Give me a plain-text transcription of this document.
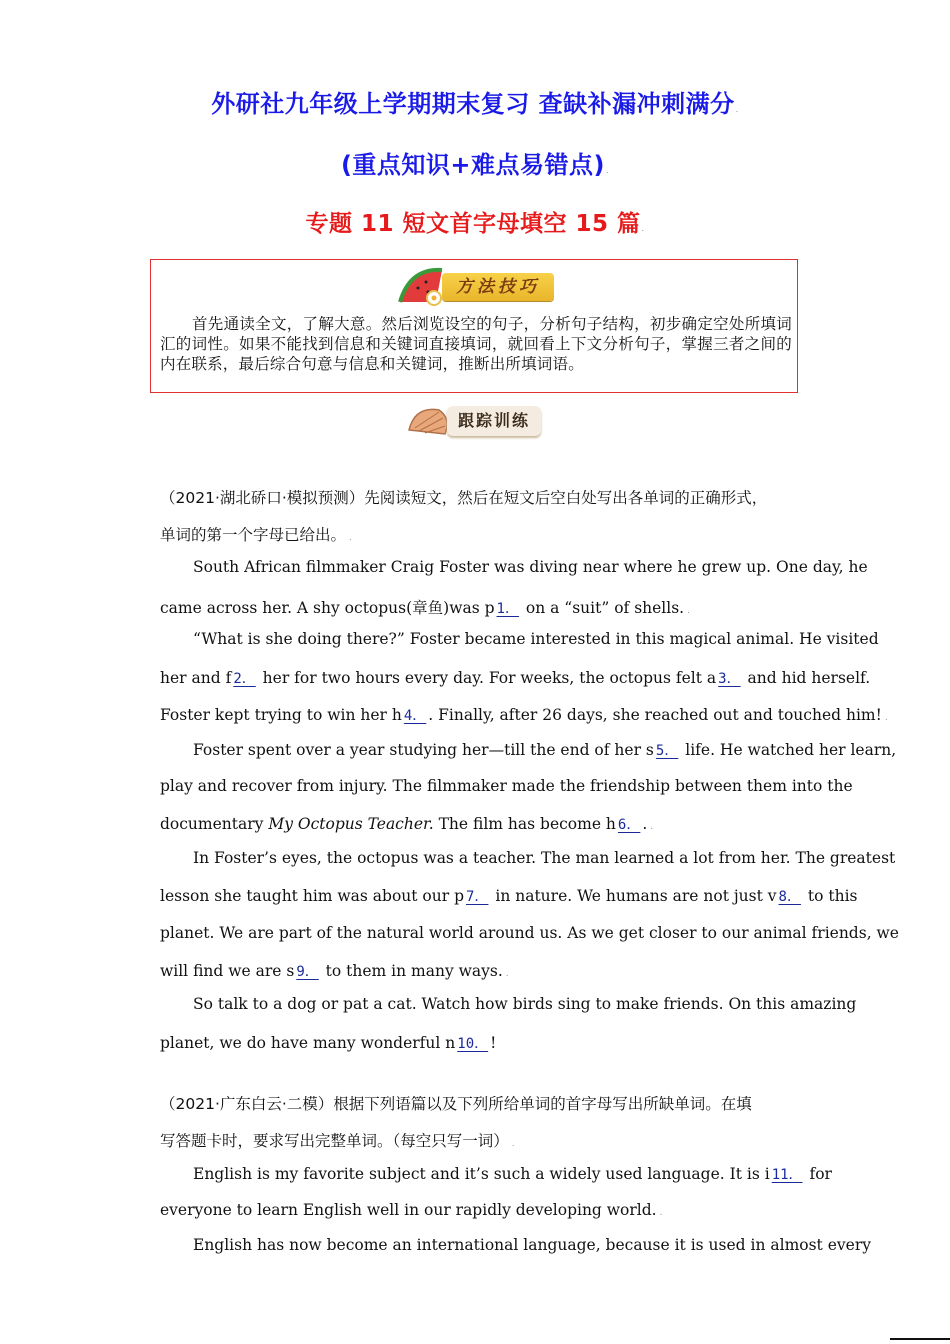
外研社九年级上学期期末复习 查缺补漏冲刺满分.
(重点知识+难点易错点).
专题 11 短文首字母填空 15 篇.
方法技巧
首先通读全文，了解大意。然后浏览设空的句子，分析句子结构，初步确定空处所填词汇的词性。如果不能找到信息和关键词直接填词，就回看上下文分析句子，掌握三者之间的内在联系，最后综合句意与信息和关键词，推断出所填词语。
跟踪训练
（2021·湖北硚口·模拟预测）先阅读短文，然后在短文后空白处写出各单词的正确形式，
单词的第一个字母已给出。 .
South African filmmaker Craig Foster was diving near where he grew up. One day, he
came across her. A shy octopus(章鱼)was p 1． on a “suit” of shells. .
“What is she doing there?” Foster became interested in this magical animal. He visited
her and f 2． her for two hours every day. For weeks, the octopus felt a 3． and hid herself.
Foster kept trying to win her h 4． . Finally, after 26 days, she reached out and touched him! .
Foster spent over a year studying her—till the end of her s 5． life. He watched her learn,
play and recover from injury. The filmmaker made the friendship between them into the
documentary My Octopus Teacher. The film has become h 6． . .
In Foster’s eyes, the octopus was a teacher. The man learned a lot from her. The greatest
lesson she taught him was about our p 7． in nature. We humans are not just v 8． to this
planet. We are part of the natural world around us. As we get closer to our animal friends, we
will find we are s 9． to them in many ways. .
So talk to a dog or pat a cat. Watch how birds sing to make friends. On this amazing
planet, we do have many wonderful n 10． !
（2021·广东白云·二模）根据下列语篇以及下列所给单词的首字母写出所缺单词。在填
写答题卡时，要求写出完整单词。（每空只写一词） .
English is my favorite subject and it’s such a widely used language. It is i 11． for
everyone to learn English well in our rapidly developing world. .
English has now become an international language, because it is used in almost every
